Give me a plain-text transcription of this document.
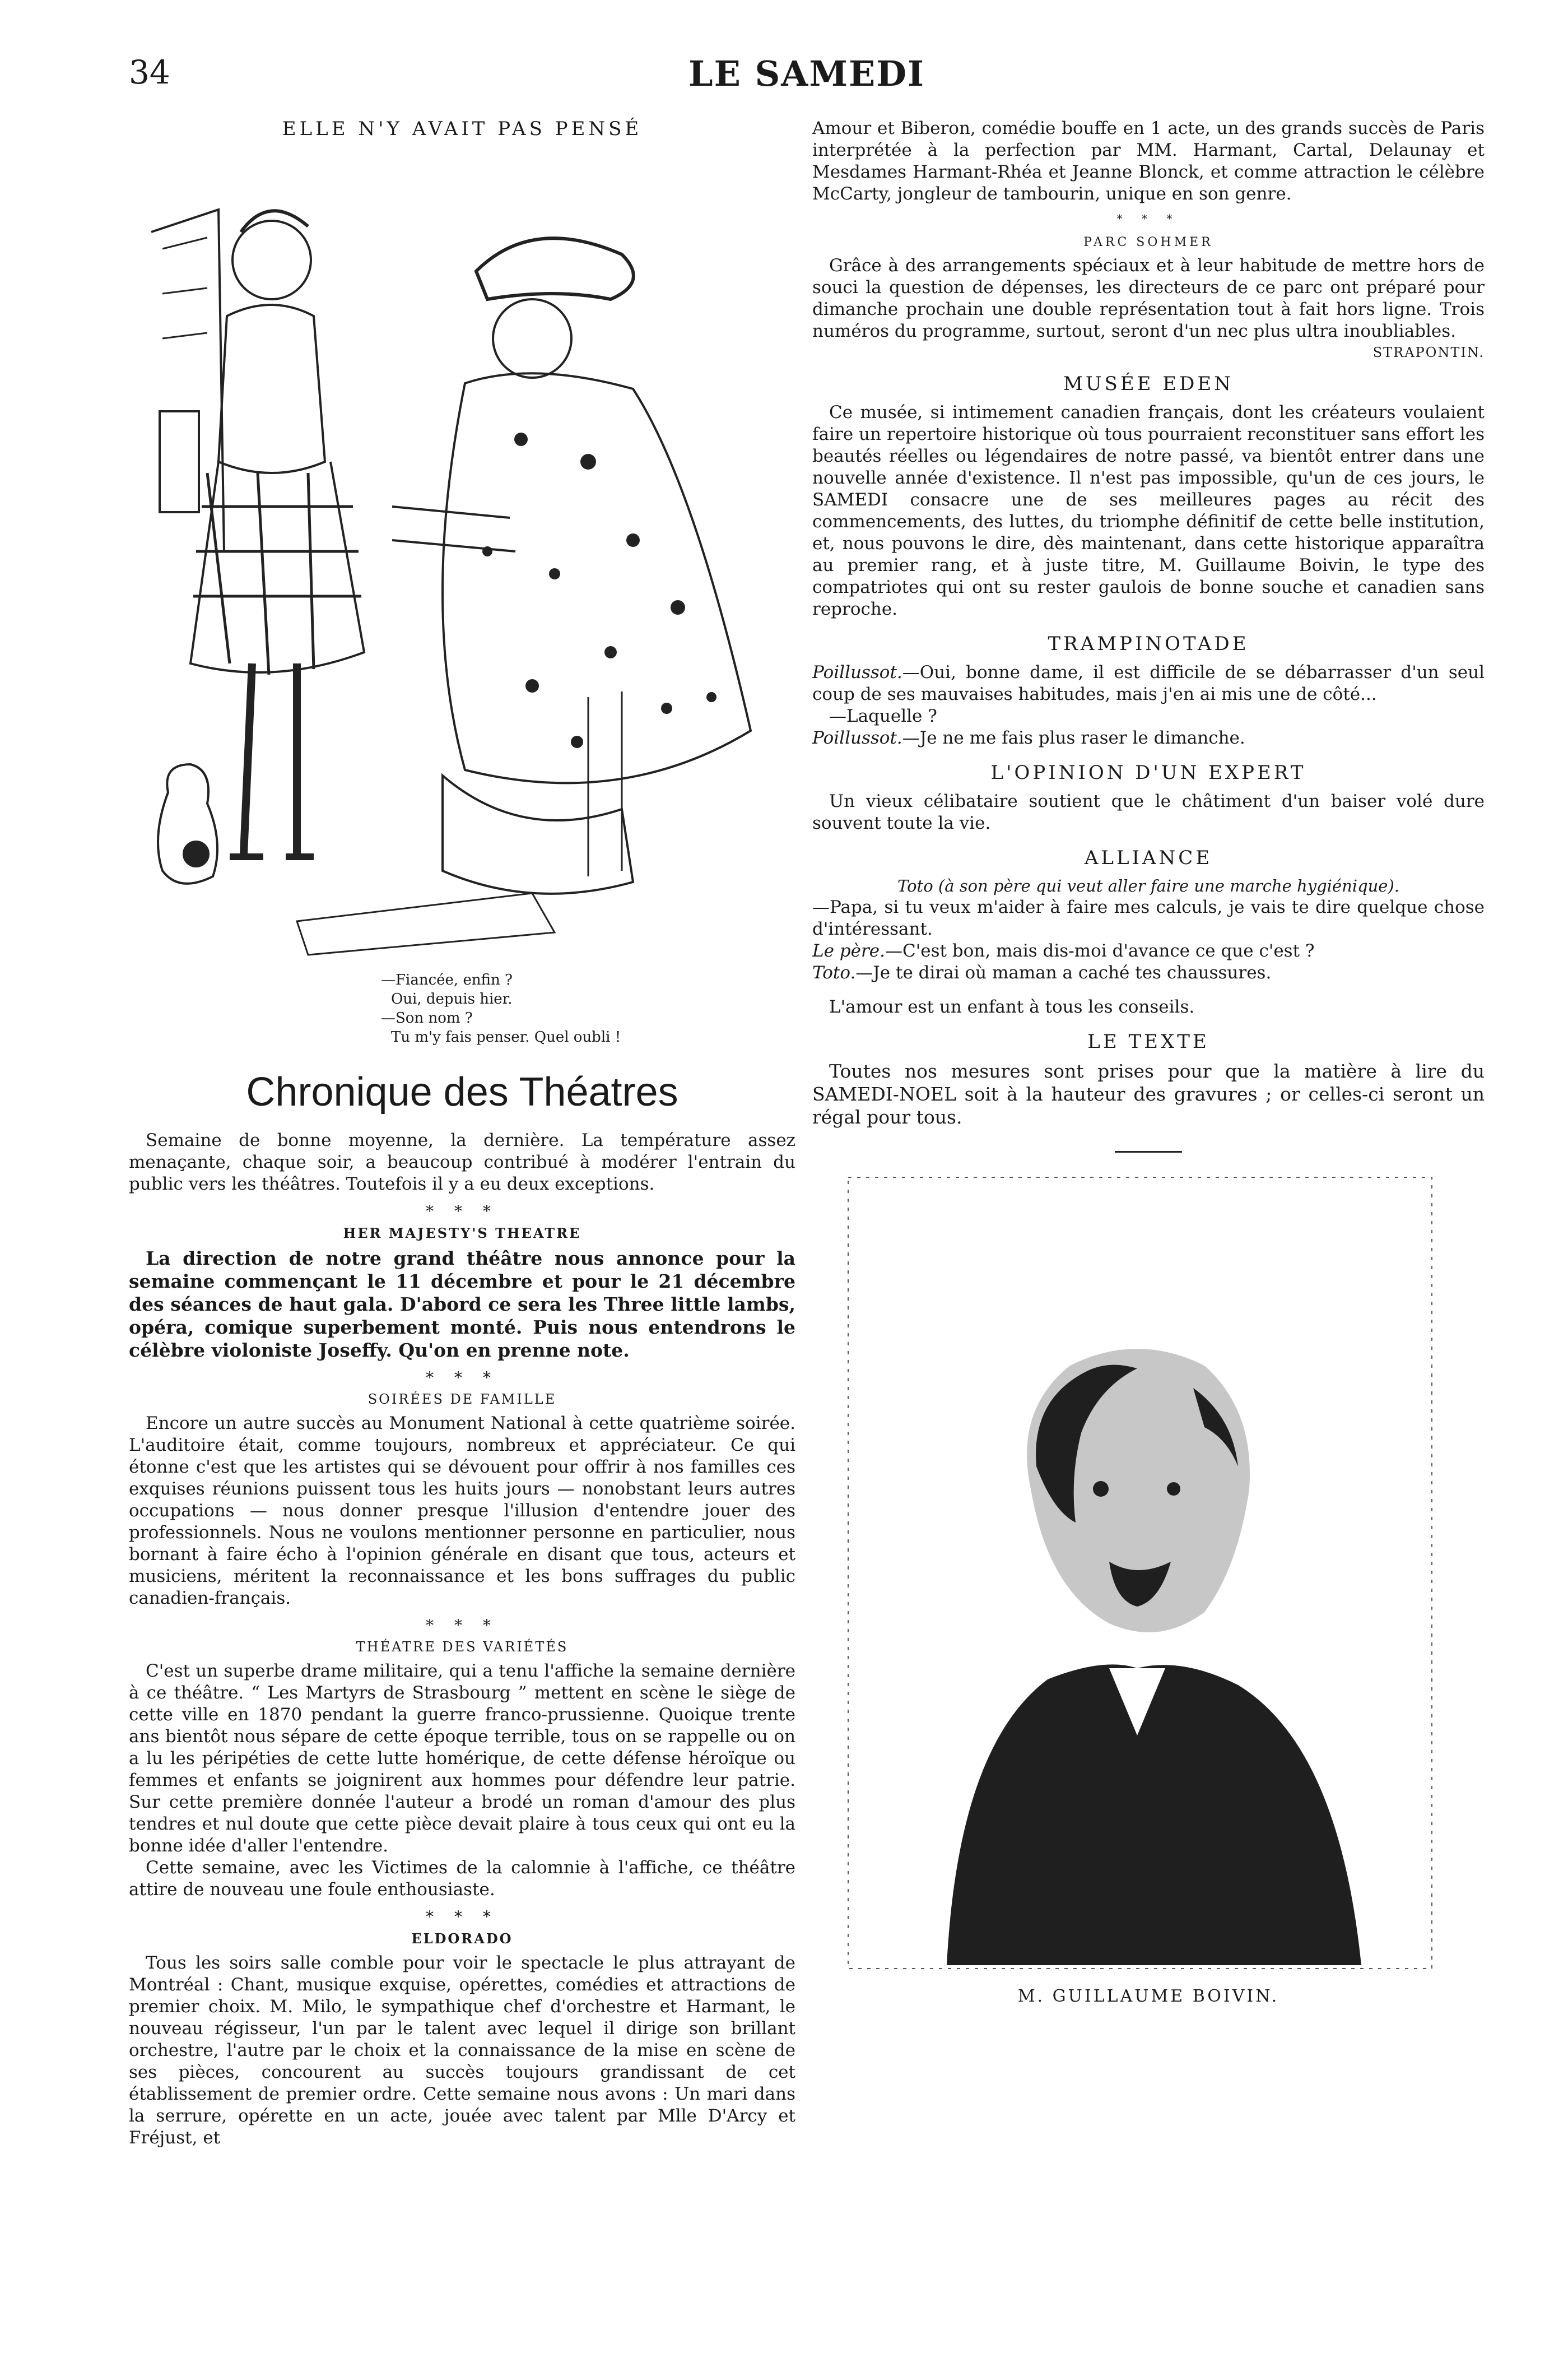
34	LE SAMEDI
ELLE N'Y AVAIT PAS PENSÉ
—Fiancée, enfin ?
Oui, depuis hier.
—Son nom ?
Tu m'y fais penser. Quel oubli !
Chronique des Théatres

Semaine de bonne moyenne, la dernière. La température assez menaçante, chaque soir, a beaucoup contribué à modérer l'entrain du public vers les théâtres. Toutefois il y a eu deux exceptions.

* * *
HER MAJESTY'S THEATRE

La direction de notre grand théâtre nous annonce pour la semaine commençant le 11 décembre et pour le 21 décembre des séances de haut gala. D'abord ce sera les Three little lambs, opéra, comique superbement monté. Puis nous entendrons le célèbre violoniste Joseffy. Qu'on en prenne note.

* * *
SOIRÉES DE FAMILLE

Encore un autre succès au Monument National à cette quatrième soirée. L'auditoire était, comme toujours, nombreux et appréciateur. Ce qui étonne c'est que les artistes qui se dévouent pour offrir à nos familles ces exquises réunions puissent tous les huits jours — nonobstant leurs autres occupations — nous donner presque l'illusion d'entendre jouer des professionnels. Nous ne voulons mentionner personne en particulier, nous bornant à faire écho à l'opinion générale en disant que tous, acteurs et musiciens, méritent la reconnaissance et les bons suffrages du public canadien-français.

* * *
THÉATRE DES VARIÉTÉS

C'est un superbe drame militaire, qui a tenu l'affiche la semaine dernière à ce théâtre. “ Les Martyrs de Strasbourg ” mettent en scène le siège de cette ville en 1870 pendant la guerre franco-prussienne. Quoique trente ans bientôt nous sépare de cette époque terrible, tous on se rappelle ou on a lu les péripéties de cette lutte homérique, de cette défense héroïque ou femmes et enfants se joignirent aux hommes pour défendre leur patrie. Sur cette première donnée l'auteur a brodé un roman d'amour des plus tendres et nul doute que cette pièce devait plaire à tous ceux qui ont eu la bonne idée d'aller l'entendre.

Cette semaine, avec les Victimes de la calomnie à l'affiche, ce théâtre attire de nouveau une foule enthousiaste.

* * *
ELDORADO

Tous les soirs salle comble pour voir le spectacle le plus attrayant de Montréal : Chant, musique exquise, opérettes, comédies et attractions de premier choix. M. Milo, le sympathique chef d'orchestre et Harmant, le nouveau régisseur, l'un par le talent avec lequel il dirige son brillant orchestre, l'autre par le choix et la connaissance de la mise en scène de ses pièces, concourent au succès toujours grandissant de cet établissement de premier ordre. Cette semaine nous avons : Un mari dans la serrure, opérette en un acte, jouée avec talent par Mlle D'Arcy et Fréjust, et

Amour et Biberon, comédie bouffe en 1 acte, un des grands succès de Paris interprétée à la perfection par MM. Harmant, Cartal, Delaunay et Mesdames Harmant-Rhéa et Jeanne Blonck, et comme attraction le célèbre McCarty, jongleur de tambourin, unique en son genre.

* * *
PARC SOHMER

Grâce à des arrangements spéciaux et à leur habitude de mettre hors de souci la question de dépenses, les directeurs de ce parc ont préparé pour dimanche prochain une double représentation tout à fait hors ligne. Trois numéros du programme, surtout, seront d'un nec plus ultra inoubliables.

STRAPONTIN.
MUSÉE EDEN

Ce musée, si intimement canadien français, dont les créateurs voulaient faire un repertoire historique où tous pourraient reconstituer sans effort les beautés réelles ou légendaires de notre passé, va bientôt entrer dans une nouvelle année d'existence. Il n'est pas impossible, qu'un de ces jours, le SAMEDI consacre une de ses meilleures pages au récit des commencements, des luttes, du triomphe définitif de cette belle institution, et, nous pouvons le dire, dès maintenant, dans cette historique apparaîtra au premier rang, et à juste titre, M. Guillaume Boivin, le type des compatriotes qui ont su rester gaulois de bonne souche et canadien sans reproche.

TRAMPINOTADE

Poillussot.—Oui, bonne dame, il est difficile de se débarrasser d'un seul coup de ses mauvaises habitudes, mais j'en ai mis une de côté...

—Laquelle ?

Poillussot.—Je ne me fais plus raser le dimanche.

L'OPINION D'UN EXPERT

Un vieux célibataire soutient que le châtiment d'un baiser volé dure souvent toute la vie.

ALLIANCE
Toto (à son père qui veut aller faire une marche hygiénique).

—Papa, si tu veux m'aider à faire mes calculs, je vais te dire quelque chose d'intéressant.

Le père.—C'est bon, mais dis-moi d'avance ce que c'est ?

Toto.—Je te dirai où maman a caché tes chaussures.

L'amour est un enfant à tous les conseils.

LE TEXTE

Toutes nos mesures sont prises pour que la matière à lire du SAMEDI-NOEL soit à la hauteur des gravures ; or celles-ci seront un régal pour tous.

M. GUILLAUME BOIVIN.
